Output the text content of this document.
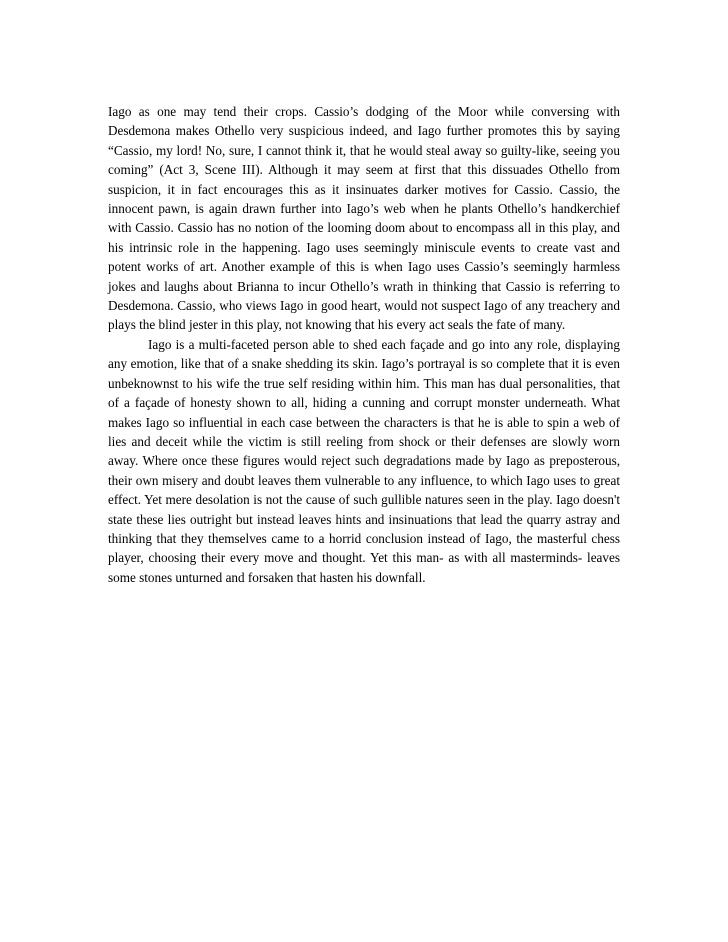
Iago as one may tend their crops. Cassio’s dodging of the Moor while conversing with Desdemona makes Othello very suspicious indeed, and Iago further promotes this by saying “Cassio, my lord! No, sure, I cannot think it, that he would steal away so guilty-like, seeing you coming” (Act 3, Scene III). Although it may seem at first that this dissuades Othello from suspicion, it in fact encourages this as it insinuates darker motives for Cassio. Cassio, the innocent pawn, is again drawn further into Iago’s web when he plants Othello’s handkerchief with Cassio. Cassio has no notion of the looming doom about to encompass all in this play, and his intrinsic role in the happening. Iago uses seemingly miniscule events to create vast and potent works of art. Another example of this is when Iago uses Cassio’s seemingly harmless jokes and laughs about Brianna to incur Othello’s wrath in thinking that Cassio is referring to Desdemona. Cassio, who views Iago in good heart, would not suspect Iago of any treachery and plays the blind jester in this play, not knowing that his every act seals the fate of many.

Iago is a multi-faceted person able to shed each façade and go into any role, displaying any emotion, like that of a snake shedding its skin. Iago’s portrayal is so complete that it is even unbeknownst to his wife the true self residing within him. This man has dual personalities, that of a façade of honesty shown to all, hiding a cunning and corrupt monster underneath. What makes Iago so influential in each case between the characters is that he is able to spin a web of lies and deceit while the victim is still reeling from shock or their defenses are slowly worn away. Where once these figures would reject such degradations made by Iago as preposterous, their own misery and doubt leaves them vulnerable to any influence, to which Iago uses to great effect. Yet mere desolation is not the cause of such gullible natures seen in the play. Iago doesn't state these lies outright but instead leaves hints and insinuations that lead the quarry astray and thinking that they themselves came to a horrid conclusion instead of Iago, the masterful chess player, choosing their every move and thought. Yet this man- as with all masterminds- leaves some stones unturned and forsaken that hasten his downfall.
